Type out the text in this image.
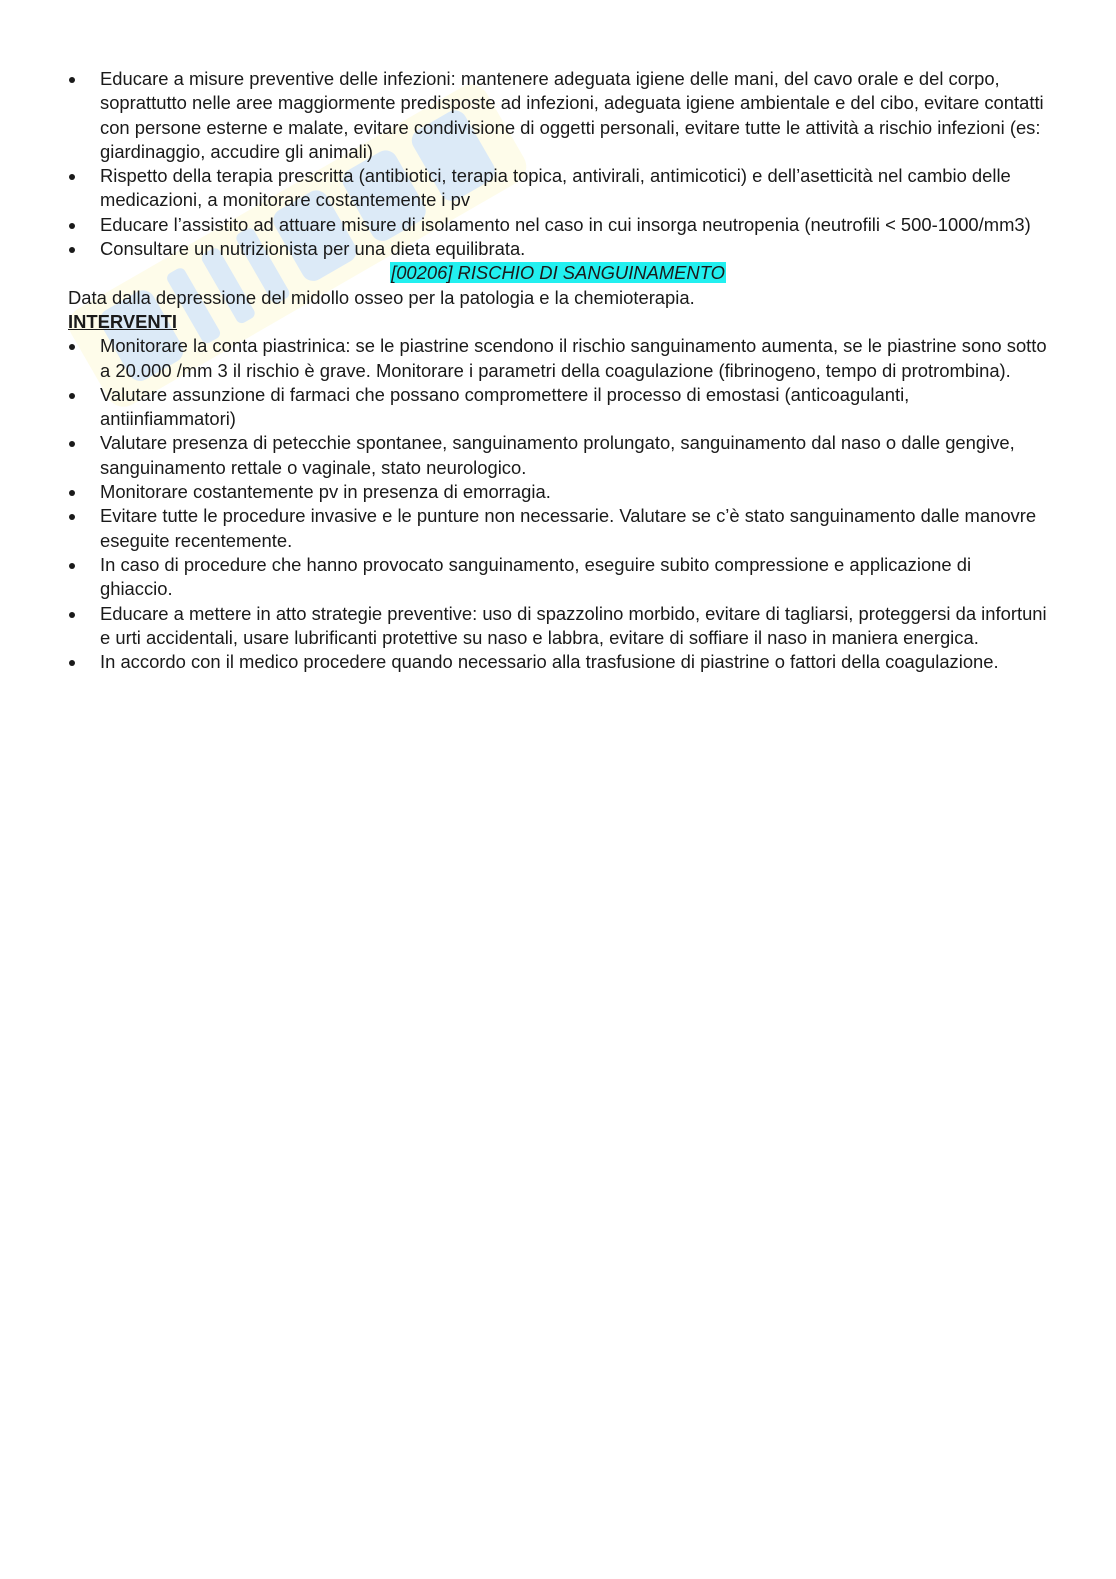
Educare a misure preventive delle infezioni: mantenere adeguata igiene delle mani, del cavo orale e del corpo, soprattutto nelle aree maggiormente predisposte ad infezioni, adeguata igiene ambientale e del cibo, evitare contatti con persone esterne e malate, evitare condivisione di oggetti personali, evitare tutte le attività a rischio infezioni (es: giardinaggio, accudire gli animali)
Rispetto della terapia prescritta (antibiotici, terapia topica, antivirali, antimicotici) e dell’asetticità nel cambio delle medicazioni, a monitorare costantemente i pv
Educare l’assistito ad attuare misure di isolamento nel caso in cui insorga neutropenia (neutrofili < 500-1000/mm3)
Consultare un nutrizionista per una dieta equilibrata.
[00206] RISCHIO DI SANGUINAMENTO

Data dalla depressione del midollo osseo per la patologia e la chemioterapia.

INTERVENTI
Monitorare la conta piastrinica: se le piastrine scendono il rischio sanguinamento aumenta, se le piastrine sono sotto a 20.000 /mm 3 il rischio è grave. Monitorare i parametri della coagulazione (fibrinogeno, tempo di protrombina).
Valutare assunzione di farmaci che possano compromettere il processo di emostasi (anticoagulanti, antiinfiammatori)
Valutare presenza di petecchie spontanee, sanguinamento prolungato, sanguinamento dal naso o dalle gengive, sanguinamento rettale o vaginale, stato neurologico.
Monitorare costantemente pv in presenza di emorragia.
Evitare tutte le procedure invasive e le punture non necessarie. Valutare se c’è stato sanguinamento dalle manovre eseguite recentemente.
In caso di procedure che hanno provocato sanguinamento, eseguire subito compressione e applicazione di ghiaccio.
Educare a mettere in atto strategie preventive: uso di spazzolino morbido, evitare di tagliarsi, proteggersi da infortuni e urti accidentali, usare lubrificanti protettive su naso e labbra, evitare di soffiare il naso in maniera energica.
In accordo con il medico procedere quando necessario alla trasfusione di piastrine o fattori della coagulazione.
